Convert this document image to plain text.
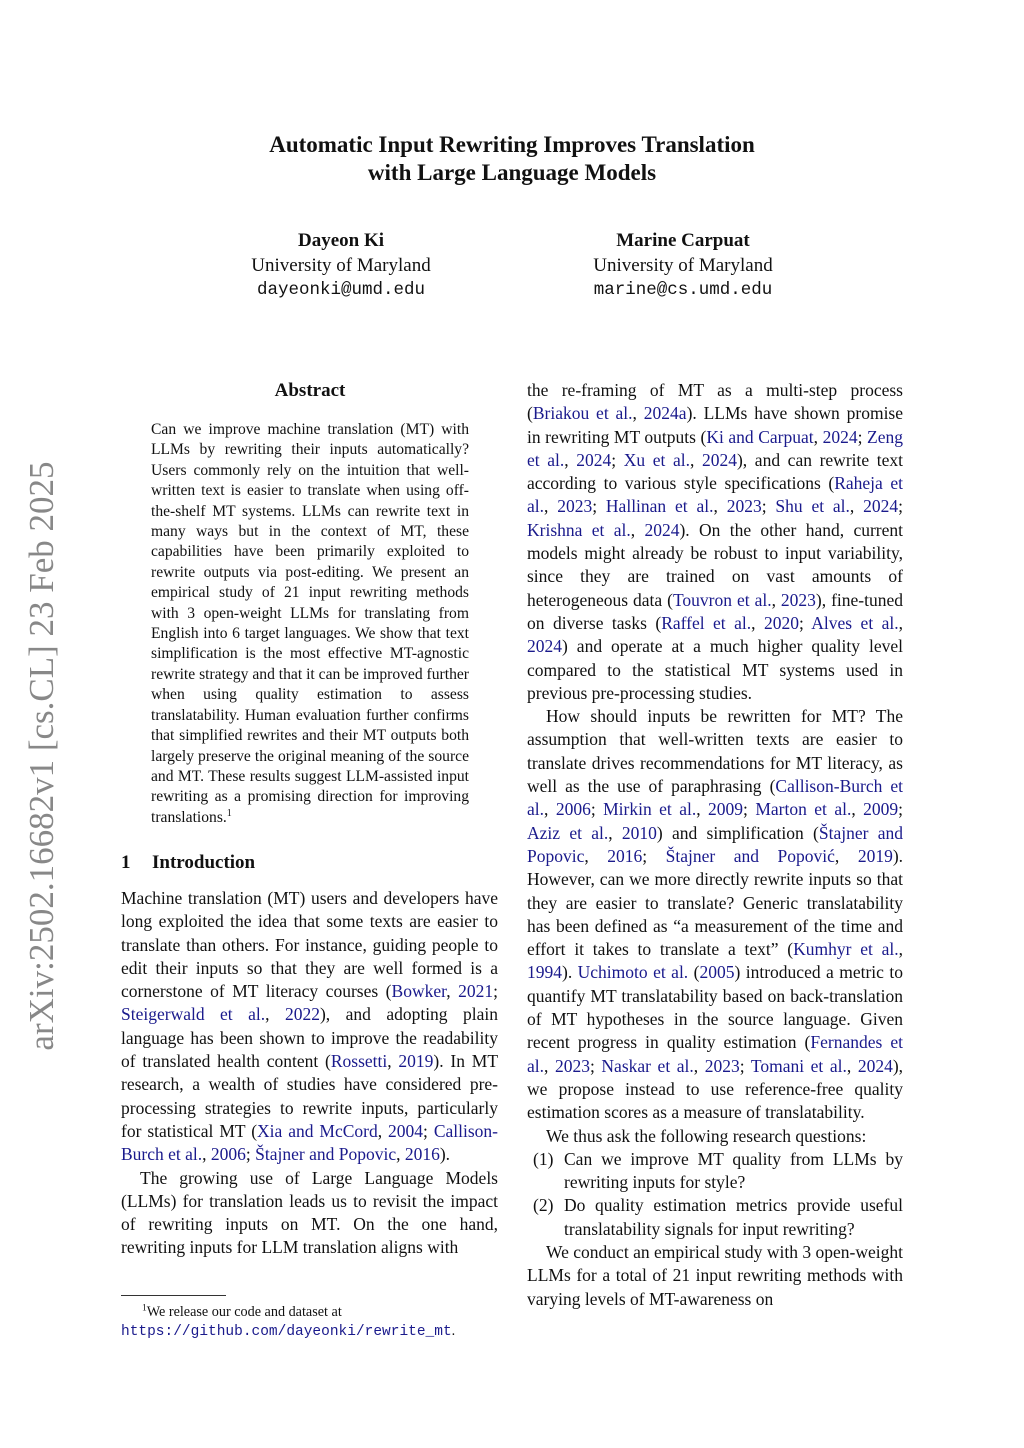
Automatic Input Rewriting Improves Translation
with Large Language Models
Dayeon Ki
University of Maryland
dayeonki@umd.edu
Marine Carpuat
University of Maryland
marine@cs.umd.edu
arXiv:2502.16682v1 [cs.CL] 23 Feb 2025
Abstract
Can we improve machine translation (MT) with LLMs by rewriting their inputs automatically? Users commonly rely on the intuition that well-written text is easier to translate when using off-the-shelf MT systems. LLMs can rewrite text in many ways but in the context of MT, these capabilities have been primarily exploited to rewrite outputs via post-editing. We present an empirical study of 21 input rewriting methods with 3 open-weight LLMs for translating from English into 6 target languages. We show that text simplification is the most effective MT-agnostic rewrite strategy and that it can be improved further when using quality estimation to assess translatability. Human evaluation further confirms that simplified rewrites and their MT outputs both largely preserve the original meaning of the source and MT. These results suggest LLM-assisted input rewriting as a promising direction for improving translations.$^1$
1 Introduction

Machine translation (MT) users and developers have long exploited the idea that some texts are easier to translate than others. For instance, guiding people to edit their inputs so that they are well formed is a cornerstone of MT literacy courses (Bowker, 2021; Steigerwald et al., 2022), and adopting plain language has been shown to improve the readability of translated health content (Rossetti, 2019). In MT research, a wealth of studies have considered pre-processing strategies to rewrite inputs, particularly for statistical MT (Xia and McCord, 2004; Callison-Burch et al., 2006; Štajner and Popovic, 2016).

The growing use of Large Language Models (LLMs) for translation leads us to revisit the impact of rewriting inputs on MT. On the one hand, rewriting inputs for LLM translation aligns with

$^1$We release our code and dataset at https://github.com/dayeonki/rewrite_mt.

the re-framing of MT as a multi-step process (Briakou et al., 2024a). LLMs have shown promise in rewriting MT outputs (Ki and Carpuat, 2024; Zeng et al., 2024; Xu et al., 2024), and can rewrite text according to various style specifications (Raheja et al., 2023; Hallinan et al., 2023; Shu et al., 2024; Krishna et al., 2024). On the other hand, current models might already be robust to input variability, since they are trained on vast amounts of heterogeneous data (Touvron et al., 2023), fine-tuned on diverse tasks (Raffel et al., 2020; Alves et al., 2024) and operate at a much higher quality level compared to the statistical MT systems used in previous pre-processing studies.

How should inputs be rewritten for MT? The assumption that well-written texts are easier to translate drives recommendations for MT literacy, as well as the use of paraphrasing (Callison-Burch et al., 2006; Mirkin et al., 2009; Marton et al., 2009; Aziz et al., 2010) and simplification (Štajner and Popovic, 2016; Štajner and Popović, 2019). However, can we more directly rewrite inputs so that they are easier to translate? Generic translatability has been defined as “a measurement of the time and effort it takes to translate a text” (Kumhyr et al., 1994). Uchimoto et al. (2005) introduced a metric to quantify MT translatability based on back-translation of MT hypotheses in the source language. Given recent progress in quality estimation (Fernandes et al., 2023; Naskar et al., 2023; Tomani et al., 2024), we propose instead to use reference-free quality estimation scores as a measure of translatability.

We thus ask the following research questions:

(1) Can we improve MT quality from LLMs by rewriting inputs for style?
(2) Do quality estimation metrics provide useful translatability signals for input rewriting?

We conduct an empirical study with 3 open-weight LLMs for a total of 21 input rewriting methods with varying levels of MT-awareness on
